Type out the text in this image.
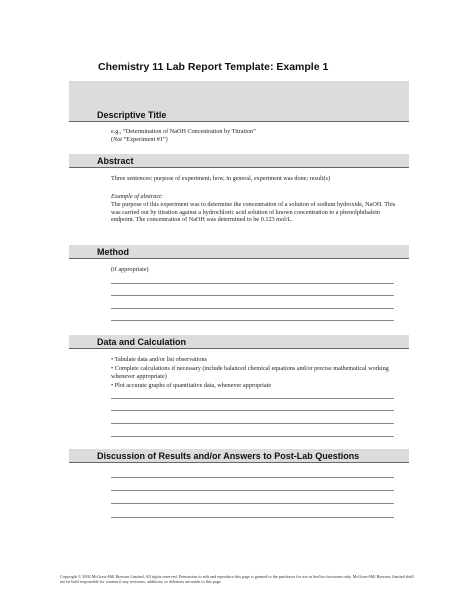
Chemistry 11 Lab Report Template: Example 1
Descriptive Title
e.g., “Determination of NaOH Concentration by Titration”
(Not “Experiment #1”)
Abstract
Three sentences: purpose of experiment; how, in general, experiment was done; result(s)
Example of abstract:
The purpose of this experiment was to determine the concentration of a solution of sodium hydroxide, NaOH. This was carried out by titration against a hydrochloric acid solution of known concentration to a phenolphthalein endpoint. The concentration of NaOH was determined to be 0.123 mol/L.
Method
(if appropriate)
Data and Calculation
• Tabulate data and/or list observations
• Complete calculations if necessary (include balanced chemical equations and/or precise mathematical working whenever appropriate)
• Plot accurate graphs of quantitative data, whenever appropriate
Discussion of Results and/or Answers to Post-Lab Questions
Copyright © 2002 McGraw-Hill Ryerson Limited. All rights reserved. Permission to edit and reproduce this page is granted to the purchaser for use in her/his classroom only. McGraw-Hill Ryerson Limited shall not be held responsible for content if any revisions, additions, or deletions are made to this page.
